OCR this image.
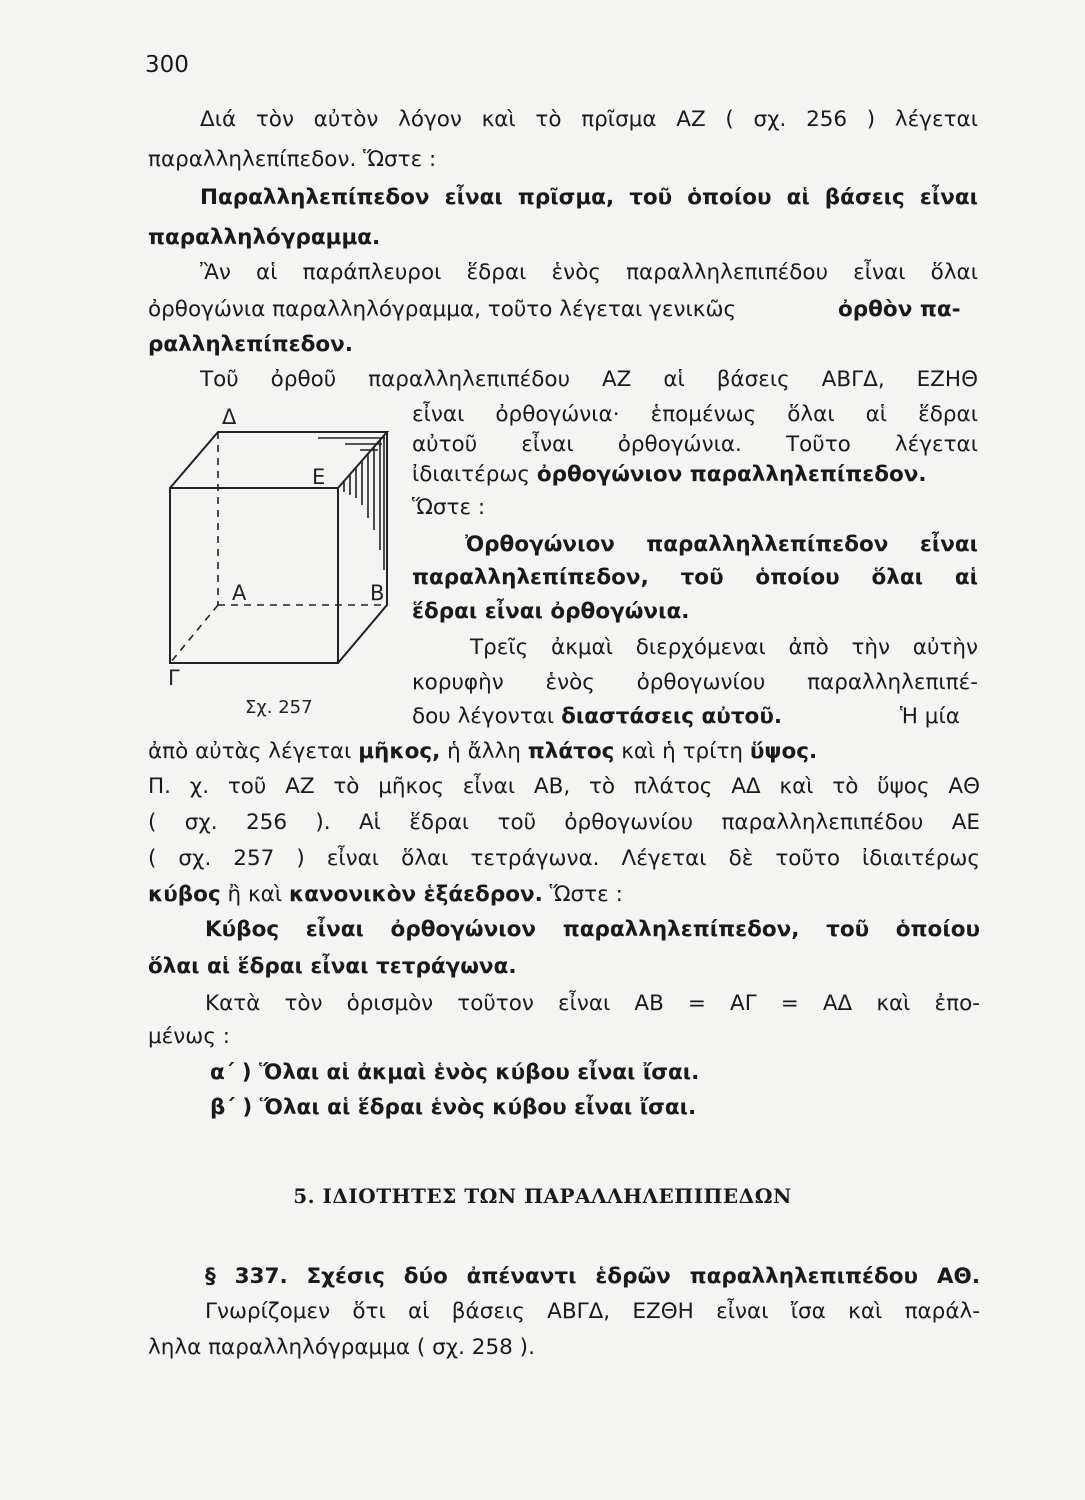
300
Διά τὸν αὐτὸν λόγον καὶ τὸ πρῖσμα ΑΖ ( σχ. 256 ) λέγεται
παραλληλεπίπεδον. Ὥστε :
Παραλληλεπίπεδον εἶναι πρῖσμα, τοῦ ὁποίου αἱ βάσεις εἶναι
παραλληλόγραμμα.
Ἂν αἱ παράπλευροι ἕδραι ἑνὸς παραλληλεπιπέδου εἶναι ὅλαι
ὀρθογώνια παραλληλόγραμμα, τοῦτο λέγεται γενικῶς	ὀρθὸν πα-
ραλληλεπίπεδον.
Τοῦ ὀρθοῦ παραλληλεπιπέδου ΑΖ αἱ βάσεις ΑΒΓΔ, ΕΖΗΘ
εἶναι ὀρθογώνια· ἑπομένως ὅλαι αἱ ἕδραι
αὐτοῦ εἶναι ὀρθογώνια. Τοῦτο λέγεται
ἰδιαιτέρως ὀρθογώνιον παραλληλεπίπεδον.
Ὥστε :
Ὀρθογώνιον παραλληλλεπίπεδον εἶναι
παραλληλεπίπεδον, τοῦ ὁποίου ὅλαι αἱ
ἕδραι εἶναι ὀρθογώνια.
Τρεῖς ἀκμαὶ διερχόμεναι ἀπὸ τὴν αὐτὴν
κορυφὴν ἑνὸς ὀρθογωνίου παραλληλεπιπέ-
δου λέγονται διαστάσεις αὐτοῦ.	Ἡ μία
Δ
Ε
Α	Β
Γ
Σχ. 257
ἀπὸ αὐτὰς λέγεται μῆκος, ἡ ἄλλη πλάτος καὶ ἡ τρίτη ὕψος.
Π. χ. τοῦ ΑΖ τὸ μῆκος εἶναι ΑΒ, τὸ πλάτος ΑΔ καὶ τὸ ὕψος ΑΘ
( σχ. 256 ). Αἱ ἕδραι τοῦ ὀρθογωνίου παραλληλεπιπέδου ΑΕ
( σχ. 257 ) εἶναι ὅλαι τετράγωνα. Λέγεται δὲ τοῦτο ἰδιαιτέρως
κύβος ἢ καὶ κανονικὸν ἑξάεδρον. Ὥστε :
Κύβος εἶναι ὀρθογώνιον παραλληλεπίπεδον, τοῦ ὁποίου
ὅλαι αἱ ἕδραι εἶναι τετράγωνα.
Κατὰ τὸν ὁρισμὸν τοῦτον εἶναι ΑΒ = ΑΓ = ΑΔ καὶ ἐπο-
μένως :
α΄ ) Ὅλαι αἱ ἀκμαὶ ἑνὸς κύβου εἶναι ἴσαι.
β΄ ) Ὅλαι αἱ ἕδραι ἑνὸς κύβου εἶναι ἴσαι.
5. ΙΔΙΟΤΗΤΕΣ ΤΩΝ ΠΑΡΑΛΛΗΛΕΠΙΠΕΔΩΝ
§ 337. Σχέσις δύο ἀπέναντι ἑδρῶν παραλληλεπιπέδου ΑΘ.
Γνωρίζομεν ὅτι αἱ βάσεις ΑΒΓΔ, ΕΖΘΗ εἶναι ἴσα καὶ παράλ-
ληλα παραλληλόγραμμα ( σχ. 258 ).
